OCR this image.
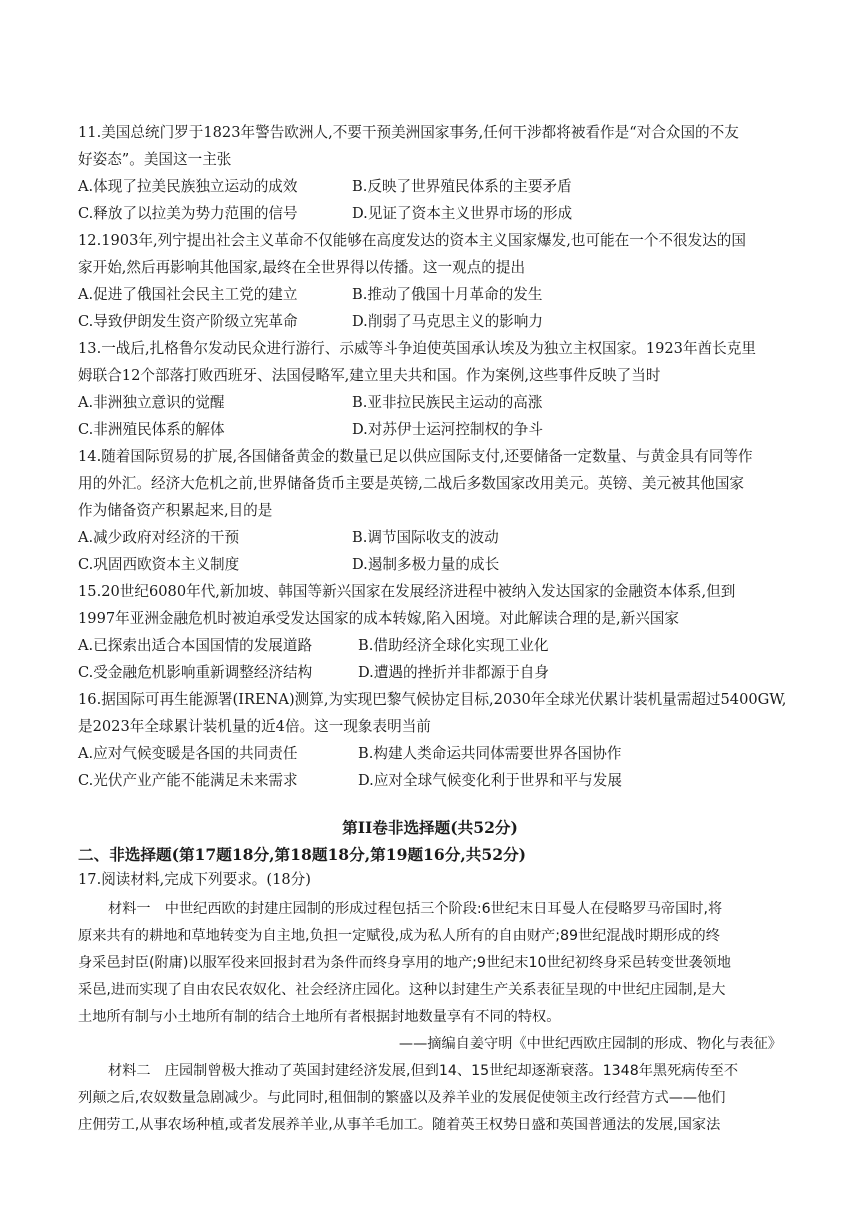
11.美国总统门罗于1823年警告欧洲人,不要干预美洲国家事务,任何干涉都将被看作是“对合众国的不友
好姿态”。美国这一主张
A.体现了拉美民族独立运动的成效	B.反映了世界殖民体系的主要矛盾
C.释放了以拉美为势力范围的信号	D.见证了资本主义世界市场的形成
12.1903年,列宁提出社会主义革命不仅能够在高度发达的资本主义国家爆发,也可能在一个不很发达的国
家开始,然后再影响其他国家,最终在全世界得以传播。这一观点的提出
A.促进了俄国社会民主工党的建立	B.推动了俄国十月革命的发生
C.导致伊朗发生资产阶级立宪革命	D.削弱了马克思主义的影响力
13.一战后,扎格鲁尔发动民众进行游行、示威等斗争迫使英国承认埃及为独立主权国家。1923年酋长克里
姆联合12个部落打败西班牙、法国侵略军,建立里夫共和国。作为案例,这些事件反映了当时
A.非洲独立意识的觉醒	B.亚非拉民族民主运动的高涨
C.非洲殖民体系的解体	D.对苏伊士运河控制权的争斗
14.随着国际贸易的扩展,各国储备黄金的数量已足以供应国际支付,还要储备一定数量、与黄金具有同等作
用的外汇。经济大危机之前,世界储备货币主要是英镑,二战后多数国家改用美元。英镑、美元被其他国家
作为储备资产积累起来,目的是
A.减少政府对经济的干预	B.调节国际收支的波动
C.巩固西欧资本主义制度	D.遏制多极力量的成长
15.20世纪6080年代,新加坡、韩国等新兴国家在发展经济进程中被纳入发达国家的金融资本体系,但到
1997年亚洲金融危机时被迫承受发达国家的成本转嫁,陷入困境。对此解读合理的是,新兴国家
A.已探索出适合本国国情的发展道路	B.借助经济全球化实现工业化
C.受金融危机影响重新调整经济结构	D.遭遇的挫折并非都源于自身
16.据国际可再生能源署(IRENA)测算,为实现巴黎气候协定目标,2030年全球光伏累计装机量需超过5400GW,
是2023年全球累计装机量的近4倍。这一现象表明当前
A.应对气候变暖是各国的共同责任	B.构建人类命运共同体需要世界各国协作
C.光伏产业产能不能满足未来需求	D.应对全球气候变化利于世界和平与发展
第II卷非选择题(共52分)
二、非选择题(第17题18分,第18题18分,第19题16分,共52分)
17.阅读材料,完成下列要求。(18分)
材料一　中世纪西欧的封建庄园制的形成过程包括三个阶段:6世纪末日耳曼人在侵略罗马帝国时,将
原来共有的耕地和草地转变为自主地,负担一定赋役,成为私人所有的自由财产;89世纪混战时期形成的终
身采邑封臣(附庸)以服军役来回报封君为条件而终身享用的地产;9世纪末10世纪初终身采邑转变世袭领地
采邑,进而实现了自由农民农奴化、社会经济庄园化。这种以封建生产关系表征呈现的中世纪庄园制,是大
土地所有制与小土地所有制的结合土地所有者根据封地数量享有不同的特权。
——摘编自姜守明《中世纪西欧庄园制的形成、物化与表征》
材料二　庄园制曾极大推动了英国封建经济发展,但到14、15世纪却逐渐衰落。1348年黑死病传至不
列颠之后,农奴数量急剧减少。与此同时,租佃制的繁盛以及养羊业的发展促使领主改行经营方式——他们
庄佣劳工,从事农场种植,或者发展养羊业,从事羊毛加工。随着英王权势日盛和英国普通法的发展,国家法
